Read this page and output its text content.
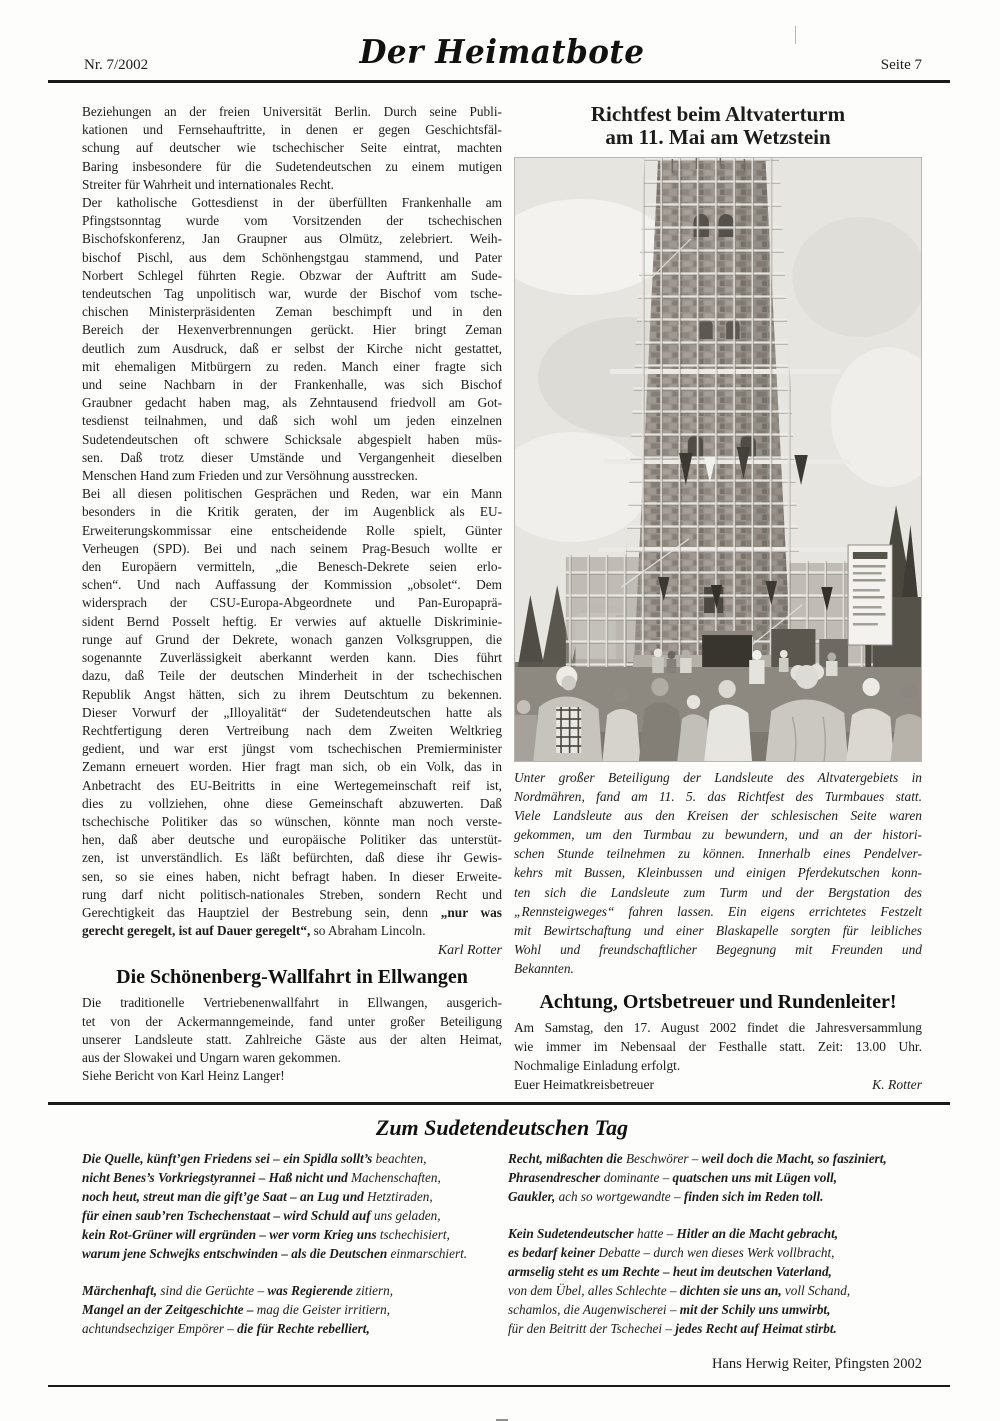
Nr. 7/2002	Der Heimatbote	Seite 7
Beziehungen an der freien Universität Berlin. Durch seine Publi-
kationen und Fernsehauftritte, in denen er gegen Geschichtsfäl-
schung auf deutscher wie tschechischer Seite eintrat, machten
Baring insbesondere für die Sudetendeutschen zu einem mutigen
Streiter für Wahrheit und internationales Recht.
Der katholische Gottesdienst in der überfüllten Frankenhalle am
Pfingstsonntag wurde vom Vorsitzenden der tschechischen
Bischofskonferenz, Jan Graupner aus Olmütz, zelebriert. Weih-
bischof Pischl, aus dem Schönhengstgau stammend, und Pater
Norbert Schlegel führten Regie. Obzwar der Auftritt am Sude-
tendeutschen Tag unpolitisch war, wurde der Bischof vom tsche-
chischen Ministerpräsidenten Zeman beschimpft und in den
Bereich der Hexenverbrennungen gerückt. Hier bringt Zeman
deutlich zum Ausdruck, daß er selbst der Kirche nicht gestattet,
mit ehemaligen Mitbürgern zu reden. Manch einer fragte sich
und seine Nachbarn in der Frankenhalle, was sich Bischof
Graubner gedacht haben mag, als Zehntausend friedvoll am Got-
tesdienst teilnahmen, und daß sich wohl um jeden einzelnen
Sudetendeutschen oft schwere Schicksale abgespielt haben müs-
sen. Daß trotz dieser Umstände und Vergangenheit dieselben
Menschen Hand zum Frieden und zur Versöhnung ausstrecken.
Bei all diesen politischen Gesprächen und Reden, war ein Mann
besonders in die Kritik geraten, der im Augenblick als EU-
Erweiterungskommissar eine entscheidende Rolle spielt, Günter
Verheugen (SPD). Bei und nach seinem Prag-Besuch wollte er
den Europäern vermitteln, „die Benesch-Dekrete seien erlo-
schen“. Und nach Auffassung der Kommission „obsolet“. Dem
widersprach der CSU-Europa-Abgeordnete und Pan-Europaprä-
sident Bernd Posselt heftig. Er verwies auf aktuelle Diskriminie-
runge auf Grund der Dekrete, wonach ganzen Volksgruppen, die
sogenannte Zuverlässigkeit aberkannt werden kann. Dies führt
dazu, daß Teile der deutschen Minderheit in der tschechischen
Republik Angst hätten, sich zu ihrem Deutschtum zu bekennen.
Dieser Vorwurf der „Illoyalität“ der Sudetendeutschen hatte als
Rechtfertigung deren Vertreibung nach dem Zweiten Weltkrieg
gedient, und war erst jüngst vom tschechischen Premierminister
Zemann erneuert worden. Hier fragt man sich, ob ein Volk, das in
Anbetracht des EU-Beitritts in eine Wertegemeinschaft reif ist,
dies zu vollziehen, ohne diese Gemeinschaft abzuwerten. Daß
tschechische Politiker das so wünschen, könnte man noch verste-
hen, daß aber deutsche und europäische Politiker das unterstüt-
zen, ist unverständlich. Es läßt befürchten, daß diese ihr Gewis-
sen, so sie eines haben, nicht befragt haben. In dieser Erweite-
rung darf nicht politisch-nationales Streben, sondern Recht und
Gerechtigkeit das Hauptziel der Bestrebung sein, denn „nur was
gerecht geregelt, ist auf Dauer geregelt“, so Abraham Lincoln.
Karl Rotter
Die Schönenberg-Wallfahrt in Ellwangen
Die traditionelle Vertriebenenwallfahrt in Ellwangen, ausgerich-
tet von der Ackermanngemeinde, fand unter großer Beteiligung
unserer Landsleute statt. Zahlreiche Gäste aus der alten Heimat,
aus der Slowakei und Ungarn waren gekommen.
Siehe Bericht von Karl Heinz Langer!
Richtfest beim Altvaterturm
am 11. Mai am Wetzstein
Unter großer Beteiligung der Landsleute des Altvatergebiets in
Nordmähren, fand am 11. 5. das Richtfest des Turmbaues statt.
Viele Landsleute aus den Kreisen der schlesischen Seite waren
gekommen, um den Turmbau zu bewundern, und an der histori-
schen Stunde teilnehmen zu können. Innerhalb eines Pendelver-
kehrs mit Bussen, Kleinbussen und einigen Pferdekutschen konn-
ten sich die Landsleute zum Turm und der Bergstation des
„Rennsteigweges“ fahren lassen. Ein eigens errichtetes Festzelt
mit Bewirtschaftung und einer Blaskapelle sorgten für leibliches
Wohl und freundschaftlicher Begegnung mit Freunden und
Bekannten.
Achtung, Ortsbetreuer und Rundenleiter!
Am Samstag, den 17. August 2002 findet die Jahresversammlung
wie immer im Nebensaal der Festhalle statt. Zeit: 13.00 Uhr.
Nochmalige Einladung erfolgt.
Euer Heimatkreisbetreuer	K. Rotter
Zum Sudetendeutschen Tag
Die Quelle, künft’gen Friedens sei – ein Spidla sollt’s beachten,
nicht Benes’s Vorkriegstyrannei – Haß nicht und Machenschaften,
noch heut, streut man die gift’ge Saat – an Lug und Hetztiraden,
für einen saub’ren Tschechenstaat – wird Schuld auf uns geladen,
kein Rot-Grüner will ergründen – wer vorm Krieg uns tschechisiert,
warum jene Schwejks entschwinden – als die Deutschen einmarschiert.
Märchenhaft, sind die Gerüchte – was Regierende zitiern,
Mangel an der Zeitgeschichte – mag die Geister irritiern,
achtundsechziger Empörer – die für Rechte rebelliert,
Recht, mißachten die Beschwörer – weil doch die Macht, so fasziniert,
Phrasendrescher dominante – quatschen uns mit Lügen voll,
Gaukler, ach so wortgewandte – finden sich im Reden toll.
Kein Sudetendeutscher hatte – Hitler an die Macht gebracht,
es bedarf keiner Debatte – durch wen dieses Werk vollbracht,
armselig steht es um Rechte – heut im deutschen Vaterland,
von dem Übel, alles Schlechte – dichten sie uns an, voll Schand,
schamlos, die Augenwischerei – mit der Schily uns umwirbt,
für den Beitritt der Tschechei – jedes Recht auf Heimat stirbt.
Hans Herwig Reiter, Pfingsten 2002
